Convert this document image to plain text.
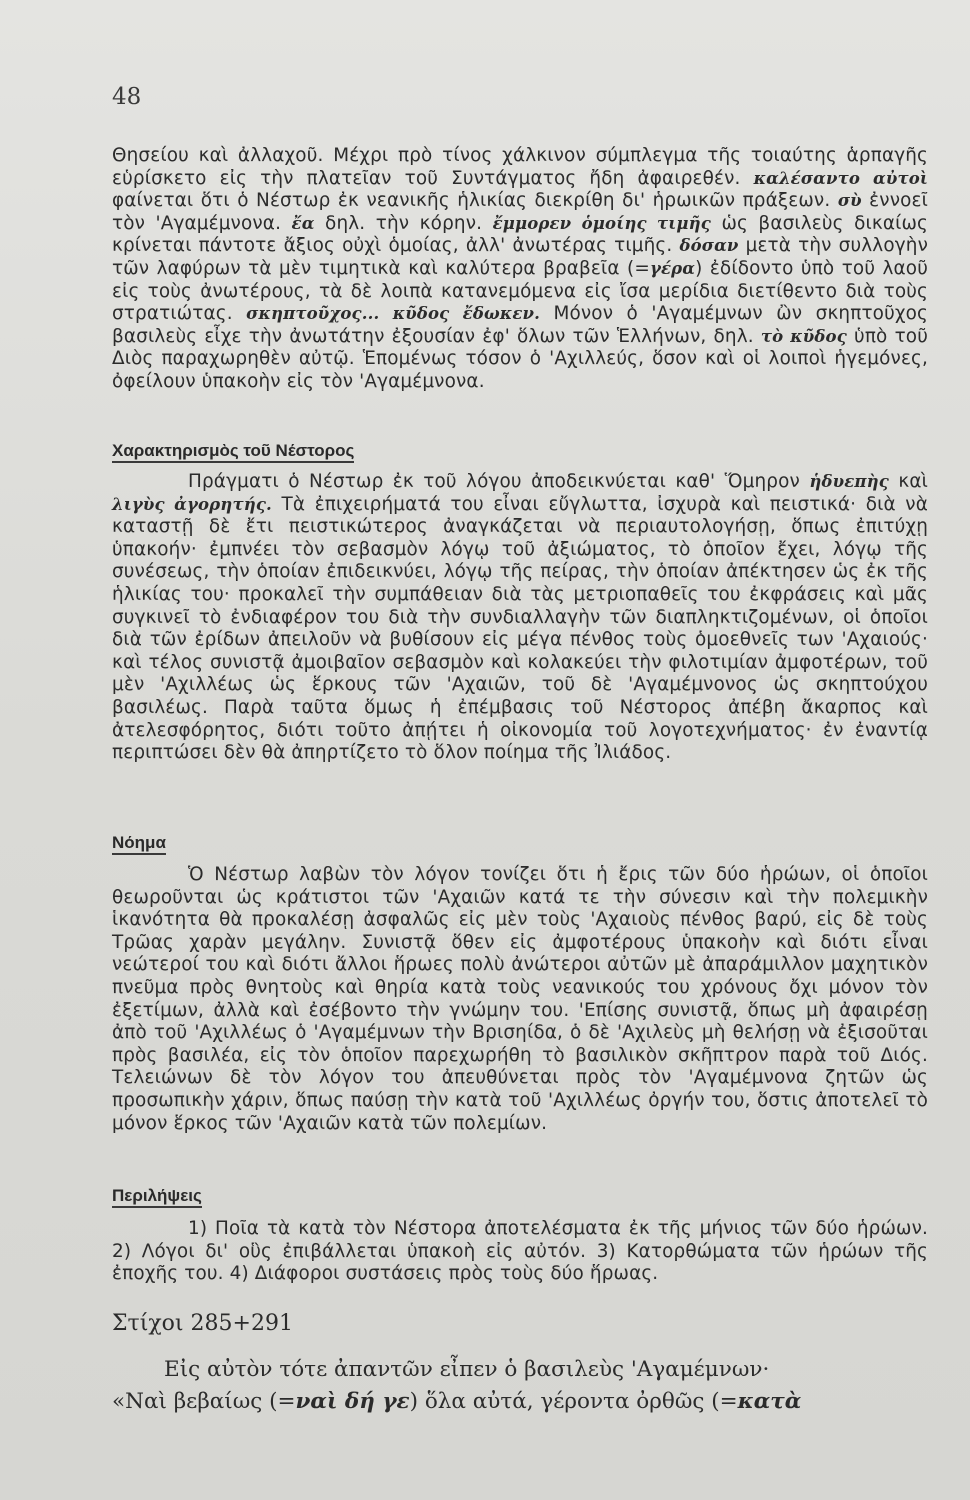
48

Θησείου καὶ ἀλλαχοῦ. Μέχρι πρὸ τίνος χάλκινον σύμπλεγμα τῆς τοιαύτης ἁρπαγῆς εὑρίσκετο εἰς τὴν πλατεῖαν τοῦ Συντάγματος ἤδη ἀφαιρεθέν. καλέσαντο αὐτοὶ φαίνεται ὅτι ὁ Νέστωρ ἐκ νεανικῆς ἡλικίας διεκρίθη δι' ἡρωικῶν πράξεων. σὺ ἐννοεῖ τὸν 'Αγαμέμνονα. ἔα δηλ. τὴν κόρην. ἔμμορεν ὁμοίης τιμῆς ὡς βασιλεὺς δικαίως κρίνεται πάντοτε ἄξιος οὐχὶ ὁμοίας, ἀλλ' ἀνωτέρας τιμῆς. δόσαν μετὰ τὴν συλλογὴν τῶν λαφύρων τὰ μὲν τιμητικὰ καὶ καλύτερα βραβεῖα (=γέρα) ἐδίδοντο ὑπὸ τοῦ λαοῦ εἰς τοὺς ἀνωτέρους, τὰ δὲ λοιπὰ κατανεμόμενα εἰς ἴσα μερίδια διετίθεντο διὰ τοὺς στρατιώτας. σκηπτοῦχος... κῦδος ἔδωκεν. Μόνον ὁ 'Αγαμέμνων ὢν σκηπτοῦχος βασιλεὺς εἶχε τὴν ἀνωτάτην ἐξουσίαν ἐφ' ὅλων τῶν Ἑλλήνων, δηλ. τὸ κῦδος ὑπὸ τοῦ Διὸς παραχωρηθὲν αὐτῷ. Ἑπομένως τόσον ὁ 'Αχιλλεύς, ὅσον καὶ οἱ λοιποὶ ἡγεμόνες, ὀφείλουν ὑπακοὴν εἰς τὸν 'Αγαμέμνονα.

Χαρακτηρισμὸς τοῦ Νέστορος

Πράγματι ὁ Νέστωρ ἐκ τοῦ λόγου ἀποδεικνύεται καθ' Ὅμηρον ἡδυεπὴς καὶ λιγὺς ἀγορητής. Τὰ ἐπιχειρήματά του εἶναι εὔγλωττα, ἰσχυρὰ καὶ πειστικά· διὰ νὰ καταστῇ δὲ ἔτι πειστικώτερος ἀναγκάζεται νὰ περιαυτολογήσῃ, ὅπως ἐπιτύχῃ ὑπακοήν· ἐμπνέει τὸν σεβασμὸν λόγῳ τοῦ ἀξιώματος, τὸ ὁποῖον ἔχει, λόγῳ τῆς συνέσεως, τὴν ὁποίαν ἐπιδεικνύει, λόγῳ τῆς πείρας, τὴν ὁποίαν ἀπέκτησεν ὡς ἐκ τῆς ἡλικίας του· προκαλεῖ τὴν συμπάθειαν διὰ τὰς μετριοπαθεῖς του ἐκφράσεις καὶ μᾶς συγκινεῖ τὸ ἐνδιαφέρον του διὰ τὴν συνδιαλλαγὴν τῶν διαπληκτιζομένων, οἱ ὁποῖοι διὰ τῶν ἐρίδων ἀπειλοῦν νὰ βυθίσουν εἰς μέγα πένθος τοὺς ὁμοεθνεῖς των 'Αχαιούς· καὶ τέλος συνιστᾷ ἀμοιβαῖον σεβασμὸν καὶ κολακεύει τὴν φιλοτιμίαν ἀμφοτέρων, τοῦ μὲν 'Αχιλλέως ὡς ἕρκους τῶν 'Αχαιῶν, τοῦ δὲ 'Αγαμέμνονος ὡς σκηπτούχου βασιλέως. Παρὰ ταῦτα ὅμως ἡ ἐπέμβασις τοῦ Νέστορος ἀπέβη ἄκαρπος καὶ ἀτελεσφόρητος, διότι τοῦτο ἀπῄτει ἡ οἰκονομία τοῦ λογοτεχνήματος· ἐν ἐναντίᾳ περιπτώσει δὲν θὰ ἀπηρτίζετο τὸ ὅλον ποίημα τῆς Ἰλιάδος.

Νόημα

Ὁ Νέστωρ λαβὼν τὸν λόγον τονίζει ὅτι ἡ ἔρις τῶν δύο ἡρώων, οἱ ὁποῖοι θεωροῦνται ὡς κράτιστοι τῶν 'Αχαιῶν κατά τε τὴν σύνεσιν καὶ τὴν πολεμικὴν ἱκανότητα θὰ προκαλέσῃ ἀσφαλῶς εἰς μὲν τοὺς 'Αχαιοὺς πένθος βαρύ, εἰς δὲ τοὺς Τρῶας χαρὰν μεγάλην. Συνιστᾷ ὅθεν εἰς ἀμφοτέρους ὑπακοὴν καὶ διότι εἶναι νεώτεροί του καὶ διότι ἄλλοι ἥρωες πολὺ ἀνώτεροι αὐτῶν μὲ ἀπαράμιλλον μαχητικὸν πνεῦμα πρὸς θνητοὺς καὶ θηρία κατὰ τοὺς νεανικούς του χρόνους ὄχι μόνον τὸν ἐξετίμων, ἀλλὰ καὶ ἐσέβοντο τὴν γνώμην του. 'Επίσης συνιστᾷ, ὅπως μὴ ἀφαιρέσῃ ἀπὸ τοῦ 'Αχιλλέως ὁ 'Αγαμέμνων τὴν Βρισηίδα, ὁ δὲ 'Αχιλεὺς μὴ θελήσῃ νὰ ἐξισοῦται πρὸς βασιλέα, εἰς τὸν ὁποῖον παρεχωρήθη τὸ βασιλικὸν σκῆπτρον παρὰ τοῦ Διός. Τελειώνων δὲ τὸν λόγον του ἀπευθύνεται πρὸς τὸν 'Αγαμέμνονα ζητῶν ὡς προσωπικὴν χάριν, ὅπως παύσῃ τὴν κατὰ τοῦ 'Αχιλλέως ὀργήν του, ὅστις ἀποτελεῖ τὸ μόνον ἕρκος τῶν 'Αχαιῶν κατὰ τῶν πολεμίων.

Περιλήψεις

1) Ποῖα τὰ κατὰ τὸν Νέστορα ἀποτελέσματα ἐκ τῆς μήνιος τῶν δύο ἡρώων. 2) Λόγοι δι' οὓς ἐπιβάλλεται ὑπακοὴ εἰς αὐτόν. 3) Κατορθώματα τῶν ἡρώων τῆς ἐποχῆς του. 4) Διάφοροι συστάσεις πρὸς τοὺς δύο ἥρωας.

Στίχοι 285+291
Εἰς αὐτὸν τότε ἀπαντῶν εἶπεν ὁ βασιλεὺς 'Αγαμέμνων·
«Ναὶ βεβαίως (=ναὶ δή γε) ὅλα αὐτά, γέροντα ὀρθῶς (=κατὰ
